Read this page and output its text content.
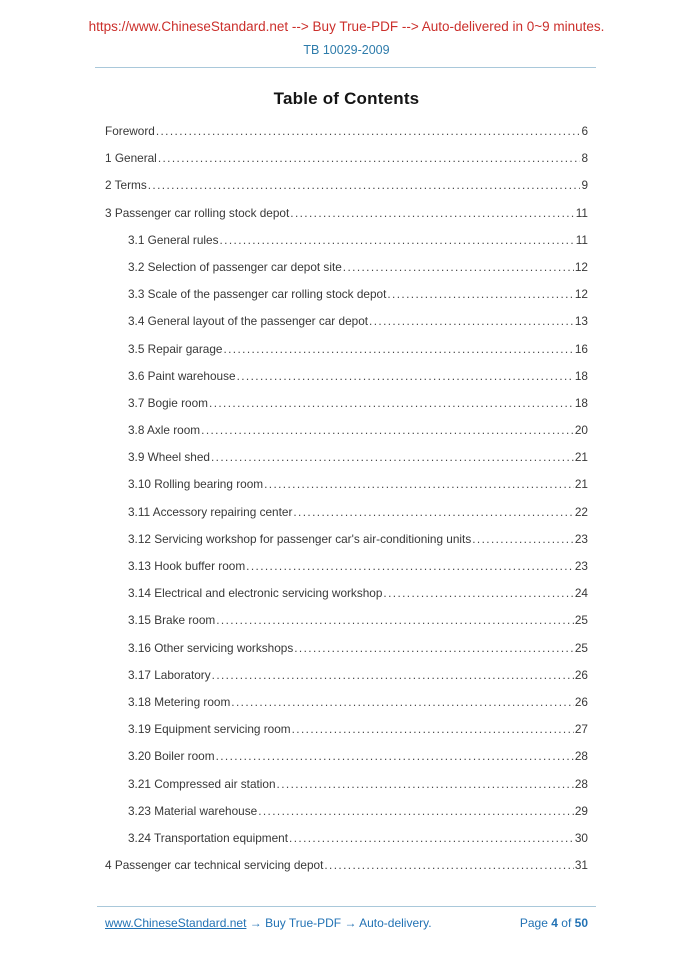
https://www.ChineseStandard.net --> Buy True-PDF --> Auto-delivered in 0~9 minutes.
TB 10029-2009
Table of Contents
Foreword .....	6
1 General .....	8
2 Terms .....	9
3 Passenger car rolling stock depot .....	11
3.1 General rules .....	11
3.2 Selection of passenger car depot site .....	12
3.3 Scale of the passenger car rolling stock depot .....	12
3.4 General layout of the passenger car depot .....	13
3.5 Repair garage .....	16
3.6 Paint warehouse .....	18
3.7 Bogie room .....	18
3.8 Axle room .....	20
3.9 Wheel shed .....	21
3.10 Rolling bearing room .....	21
3.11 Accessory repairing center .....	22
3.12 Servicing workshop for passenger car's air-conditioning units .....	23
3.13 Hook buffer room .....	23
3.14 Electrical and electronic servicing workshop .....	24
3.15 Brake room .....	25
3.16 Other servicing workshops .....	25
3.17 Laboratory .....	26
3.18 Metering room .....	26
3.19 Equipment servicing room .....	27
3.20 Boiler room .....	28
3.21 Compressed air station .....	28
3.23 Material warehouse .....	29
3.24 Transportation equipment .....	30
4 Passenger car technical servicing depot .....	31
www.ChineseStandard.net → Buy True-PDF → Auto-delivery.	Page 4 of 50
